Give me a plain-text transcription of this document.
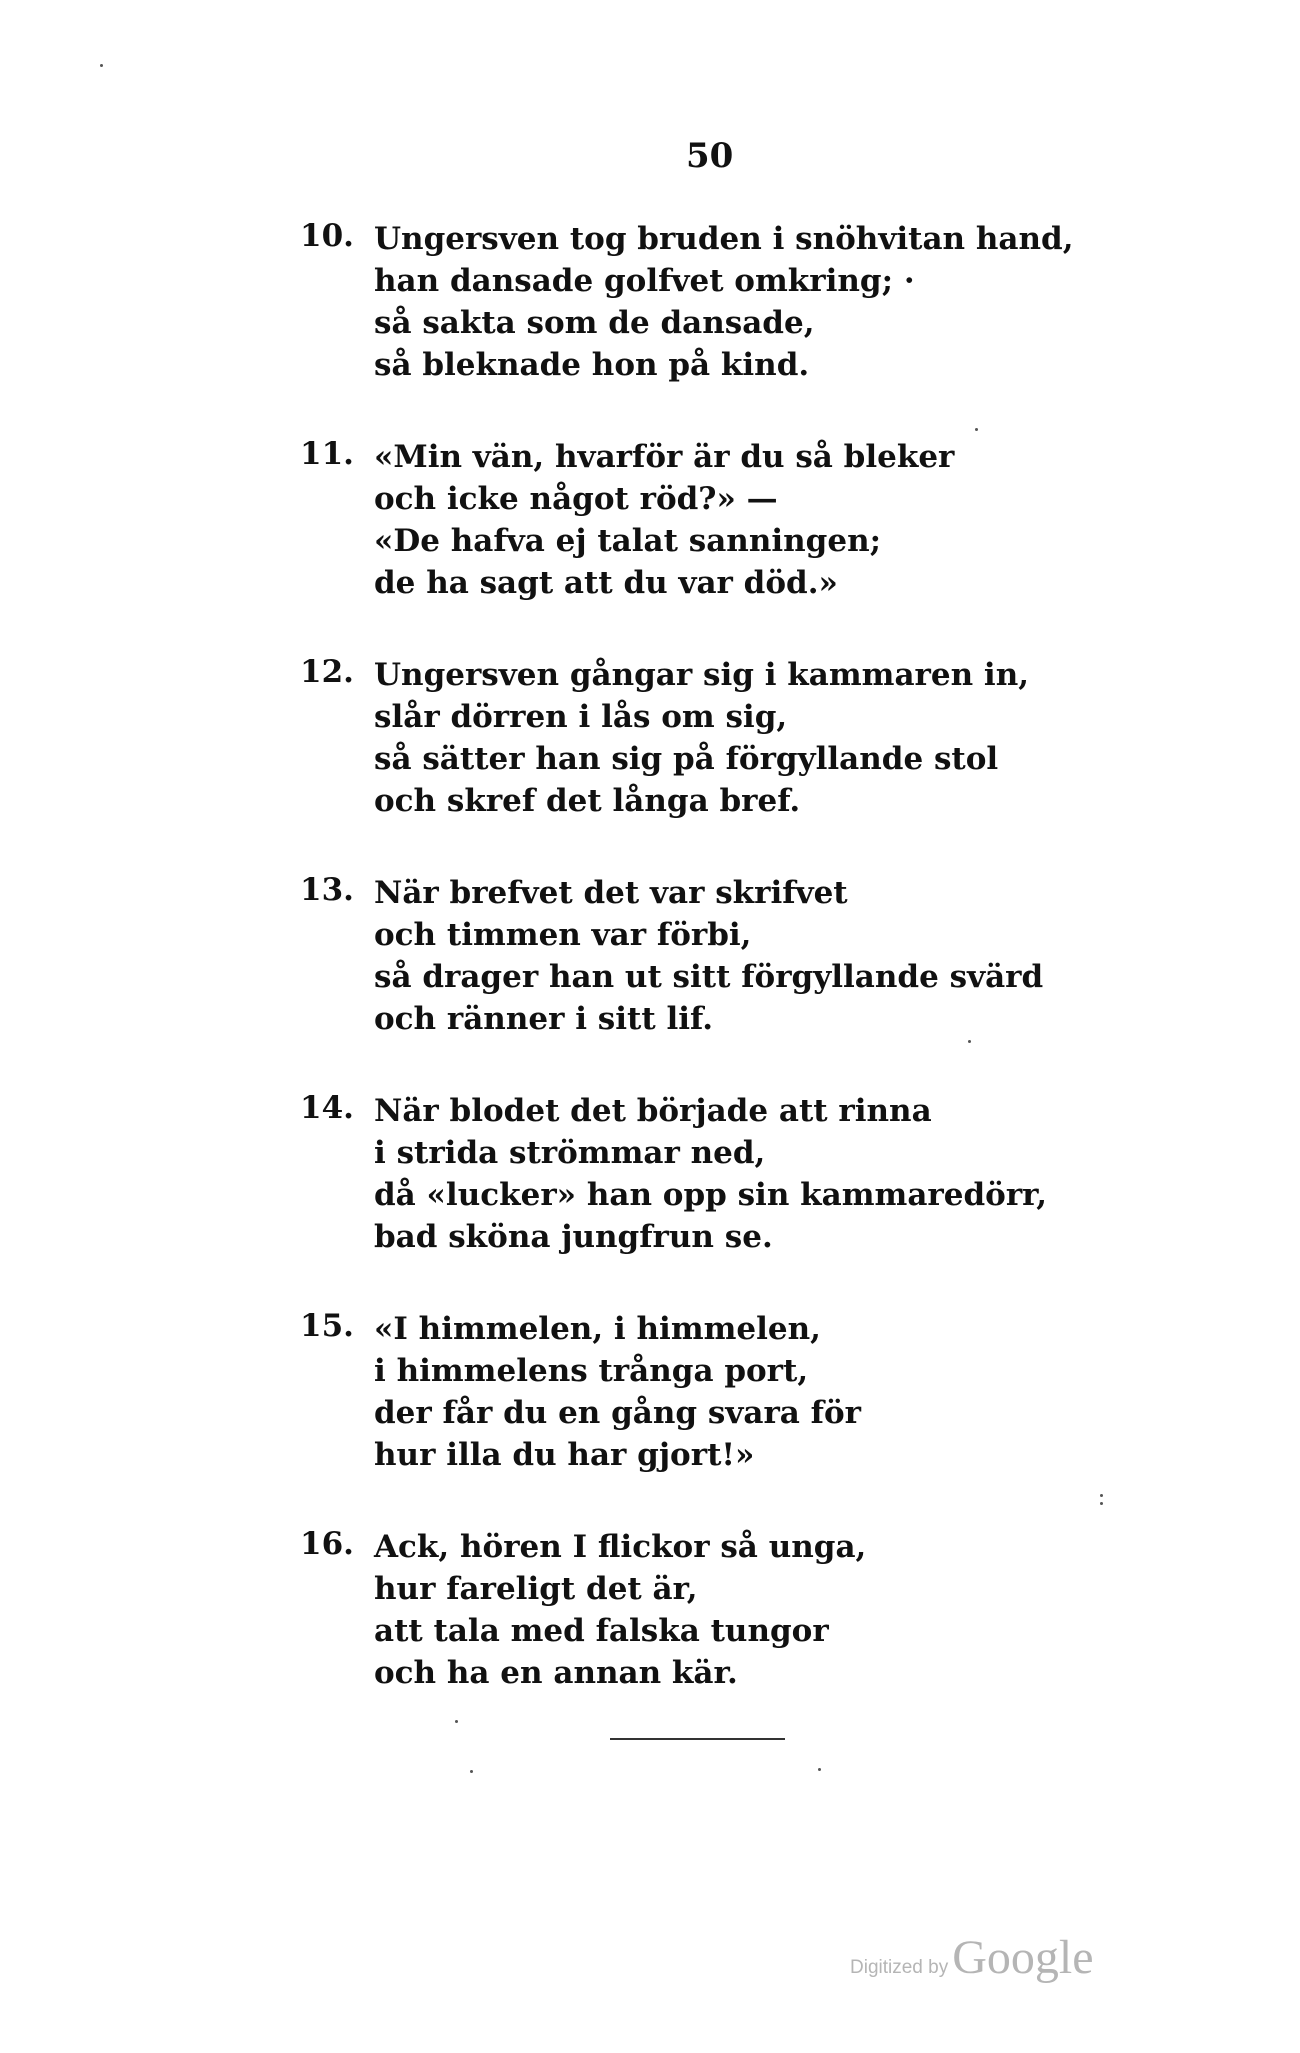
50
10. Ungersven tog bruden i snöhvitan hand,
han dansade golfvet omkring; ·
så sakta som de dansade,
så bleknade hon på kind.
11. «Min vän, hvarför är du så bleker
och icke något röd?» —
«De hafva ej talat sanningen;
de ha sagt att du var död.»
12. Ungersven gångar sig i kammaren in,
slår dörren i lås om sig,
så sätter han sig på förgyllande stol
och skref det långa bref.
13. När brefvet det var skrifvet
och timmen var förbi,
så drager han ut sitt förgyllande svärd
och ränner i sitt lif.
14. När blodet det började att rinna
i strida strömmar ned,
då «lucker» han opp sin kammaredörr,
bad sköna jungfrun se.
15. «I himmelen, i himmelen,
i himmelens trånga port,
der får du en gång svara för
hur illa du har gjort!»
16. Ack, hören I flickor så unga,
hur fareligt det är,
att tala med falska tungor
och ha en annan kär.
Digitized byGoogle
